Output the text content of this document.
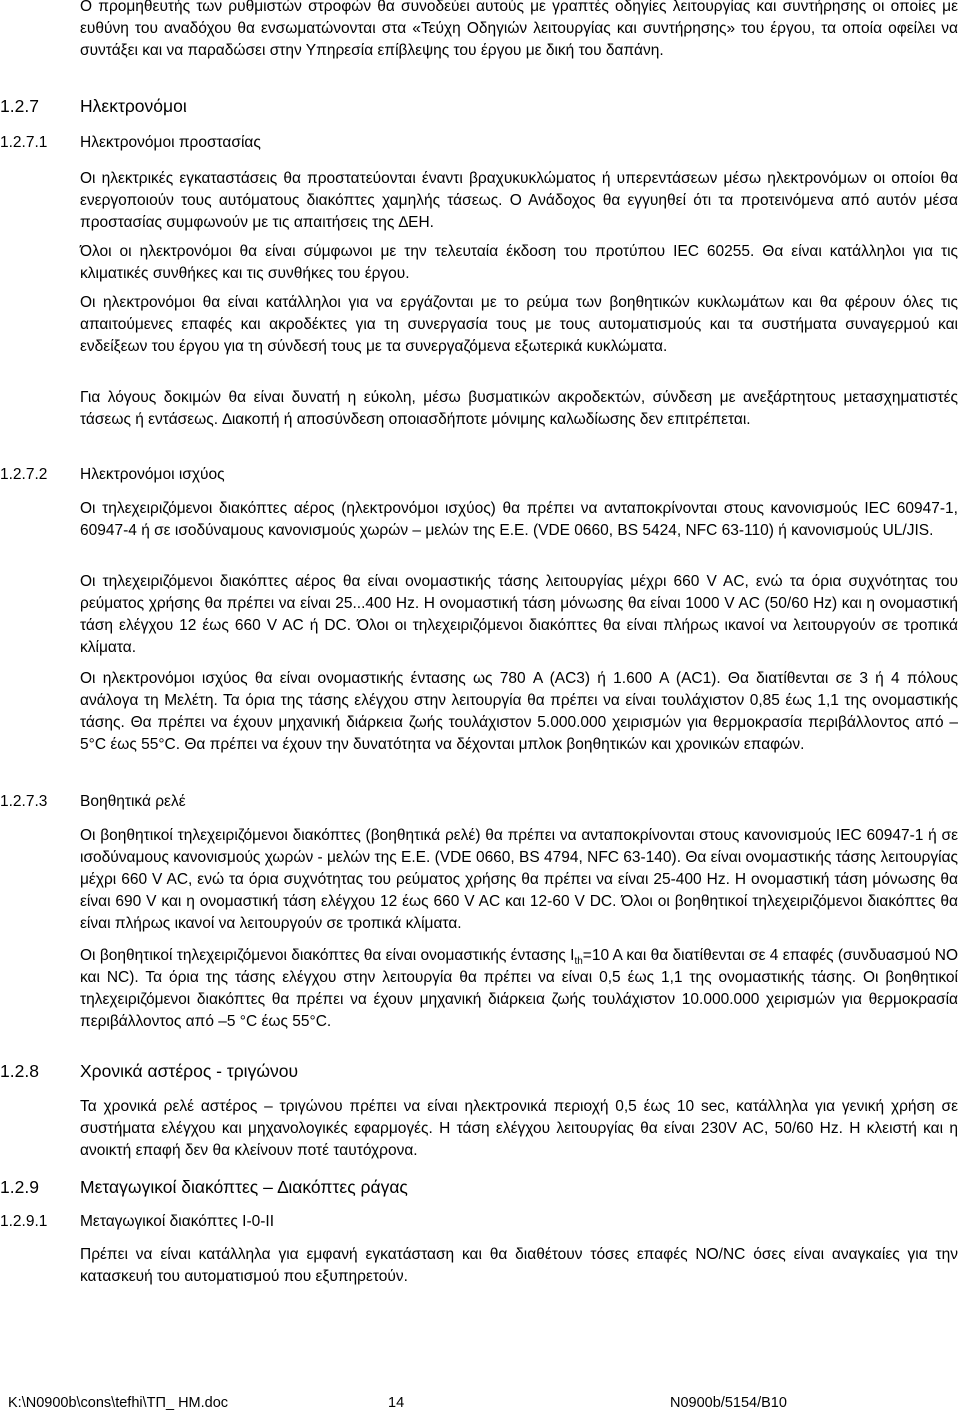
Ο προμηθευτής των ρυθμιστών στροφών θα συνοδεύει αυτούς με γραπτές οδηγίες λειτουργίας και συντήρησης οι οποίες με ευθύνη του αναδόχου θα ενσωματώνονται στα «Τεύχη Οδηγιών λειτουργίας και συντήρησης» του έργου, τα οποία οφείλει να συντάξει και να παραδώσει στην Υπηρεσία επίβλεψης του έργου με δική του δαπάνη.

1.2.7 Ηλεκτρονόμοι
1.2.7.1 Ηλεκτρονόμοι προστασίας

Οι ηλεκτρικές εγκαταστάσεις θα προστατεύονται έναντι βραχυκυκλώματος ή υπερεντάσεων μέσω ηλεκτρονόμων οι οποίοι θα ενεργοποιούν τους αυτόματους διακόπτες χαμηλής τάσεως. Ο Ανάδοχος θα εγγυηθεί ότι τα προτεινόμενα από αυτόν μέσα προστασίας συμφωνούν με τις απαιτήσεις της ∆ΕΗ.

Όλοι οι ηλεκτρονόμοι θα είναι σύμφωνοι με την τελευταία έκδοση του προτύπου IEC 60255. Θα είναι κατάλληλοι για τις κλιματικές συνθήκες και τις συνθήκες του έργου.

Οι ηλεκτρονόμοι θα είναι κατάλληλοι για να εργάζονται με το ρεύμα των βοηθητικών κυκλωμάτων και θα φέρουν όλες τις απαιτούμενες επαφές και ακροδέκτες για τη συνεργασία τους με τους αυτοματισμούς και τα συστήματα συναγερμού και ενδείξεων του έργου για τη σύνδεσή τους με τα συνεργαζόμενα εξωτερικά κυκλώματα.

Για λόγους δοκιμών θα είναι δυνατή η εύκολη, μέσω βυσματικών ακροδεκτών, σύνδεση με ανεξάρτητους μετασχηματιστές τάσεως ή εντάσεως. ∆ιακοπή ή αποσύνδεση οποιασδήποτε μόνιμης καλωδίωσης δεν επιτρέπεται.

1.2.7.2 Ηλεκτρονόμοι ισχύος

Οι τηλεχειριζόμενοι διακόπτες αέρος (ηλεκτρονόμοι ισχύος) θα πρέπει να ανταποκρίνονται στους κανονισμούς IEC 60947-1, 60947-4 ή σε ισοδύναμους κανονισμούς χωρών – μελών της Ε.Ε. (VDE 0660, BS 5424, NFC 63-110) ή κανονισμούς UL/JIS.

Οι τηλεχειριζόμενοι διακόπτες αέρος θα είναι ονομαστικής τάσης λειτουργίας μέχρι 660 V AC, ενώ τα όρια συχνότητας του ρεύματος χρήσης θα πρέπει να είναι 25...400 Hz. Η ονομαστική τάση μόνωσης θα είναι 1000 V AC (50/60 Hz) και η ονομαστική τάση ελέγχου 12 έως 660 V AC ή DC. Όλοι οι τηλεχειριζόμενοι διακόπτες θα είναι πλήρως ικανοί να λειτουργούν σε τροπικά κλίματα.

Οι ηλεκτρονόμοι ισχύος θα είναι ονομαστικής έντασης ως 780 A (AC3) ή 1.600 A (AC1). Θα διατίθενται σε 3 ή 4 πόλους ανάλογα τη Μελέτη. Τα όρια της τάσης ελέγχου στην λειτουργία θα πρέπει να είναι τουλάχιστον 0,85 έως 1,1 της ονομαστικής τάσης. Θα πρέπει να έχουν μηχανική διάρκεια ζωής τουλάχιστον 5.000.000 χειρισμών για θερμοκρασία περιβάλλοντος από –5°C έως 55°C. Θα πρέπει να έχουν την δυνατότητα να δέχονται μπλοκ βοηθητικών και χρονικών επαφών.

1.2.7.3 Βοηθητικά ρελέ

Οι βοηθητικοί τηλεχειριζόμενοι διακόπτες (βοηθητικά ρελέ) θα πρέπει να ανταποκρίνονται στους κανονισμούς IEC 60947-1 ή σε ισοδύναμους κανονισμούς χωρών - μελών της Ε.Ε. (VDE 0660, BS 4794, NFC 63-140). Θα είναι ονομαστικής τάσης λειτουργίας μέχρι 660 V AC, ενώ τα όρια συχνότητας του ρεύματος χρήσης θα πρέπει να είναι 25-400 Hz. Η ονομαστική τάση μόνωσης θα είναι 690 V και η ονομαστική τάση ελέγχου 12 έως 660 V AC και 12-60 V DC. Όλοι οι βοηθητικοί τηλεχειριζόμενοι διακόπτες θα είναι πλήρως ικανοί να λειτουργούν σε τροπικά κλίματα.

Οι βοηθητικοί τηλεχειριζόμενοι διακόπτες θα είναι ονομαστικής έντασης $I_{th}=10$ A και θα διατίθενται σε 4 επαφές (συνδυασμού ΝΟ και NC). Τα όρια της τάσης ελέγχου στην λειτουργία θα πρέπει να είναι 0,5 έως 1,1 της ονομαστικής τάσης. Οι βοηθητικοί τηλεχειριζόμενοι διακόπτες θα πρέπει να έχουν μηχανική διάρκεια ζωής τουλάχιστον 10.000.000 χειρισμών για θερμοκρασία περιβάλλοντος από –5 °C έως 55°C.

1.2.8 Χρονικά αστέρος - τριγώνου

Τα χρονικά ρελέ αστέρος – τριγώνου πρέπει να είναι ηλεκτρονικά περιοχή 0,5 έως 10 sec, κατάλληλα για γενική χρήση σε συστήματα ελέγχου και μηχανολογικές εφαρμογές. Η τάση ελέγχου λειτουργίας θα είναι 230V AC, 50/60 Hz. Η κλειστή και η ανοικτή επαφή δεν θα κλείνουν ποτέ ταυτόχρονα.

1.2.9 Μεταγωγικοί διακόπτες – ∆ιακόπτες ράγας
1.2.9.1 Μεταγωγικοί διακόπτες I-0-II

Πρέπει να είναι κατάλληλα για εμφανή εγκατάσταση και θα διαθέτουν τόσες επαφές NO/NC όσες είναι αναγκαίες για την κατασκευή του αυτοματισμού που εξυπηρετούν.

K:\N0900b\cons\tefhi\ΤΠ_ ΗΜ.doc	14	N0900b/5154/B10
